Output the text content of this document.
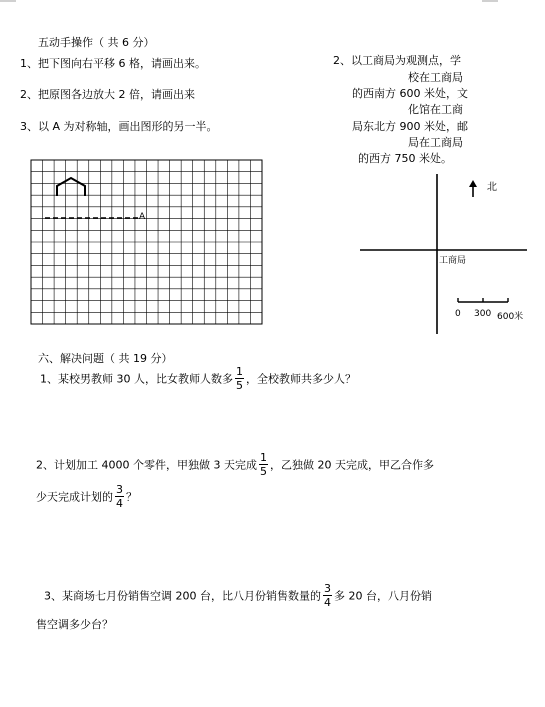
五动手操作（ 共 6 分）
1、把下图向右平移 6 格，请画出来。
2、把原图各边放大 2 倍，请画出来
3、以 A 为对称轴，画出图形的另一半。
2、以工商局为观测点，学
校在工商局
的西南方 600 米处，文
化馆在工商
局东北方 900 米处，邮
局在工商局
的西方 750 米处。
A
北
工商局
0 300 600米
六、解决问题（ 共 19 分）
1、某校男教师 30 人，比女教师人数多 $\frac{1}{5}$ ，全校教师共多少人？
2、计划加工 4000 个零件，甲独做 3 天完成 $\frac{1}{5}$ ，乙独做 20 天完成，甲乙合作多
少天完成计划的 $\frac{3}{4}$ ？
3、某商场七月份销售空调 200 台，比八月份销售数量的 $\frac{3}{4}$ 多 20 台，八月份销
售空调多少台？
